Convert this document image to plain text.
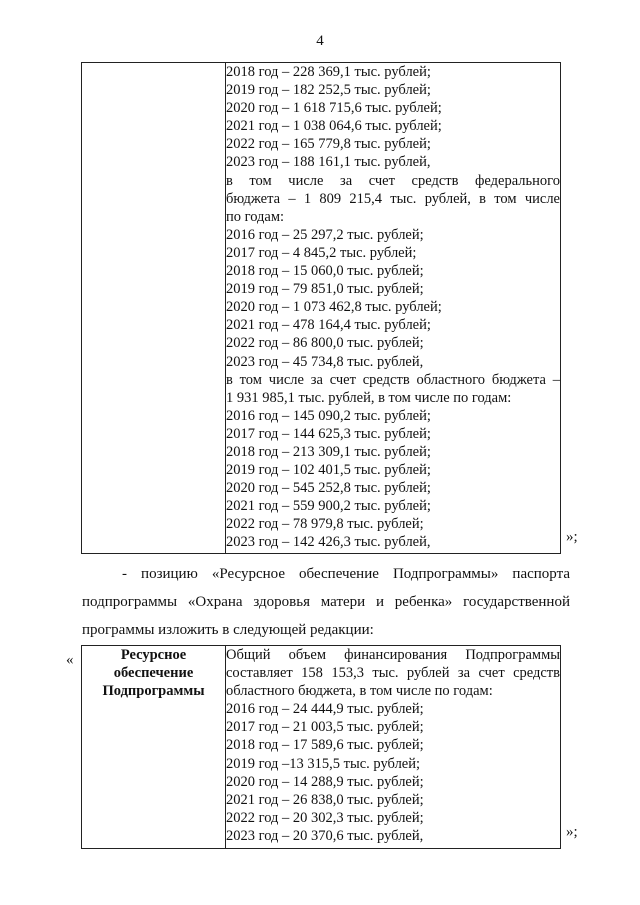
4

2018 год – 228 369,1 тыс. рублей;
2019 год – 182 252,5 тыс. рублей;
2020 год – 1 618 715,6 тыс. рублей;
2021 год – 1 038 064,6 тыс. рублей;
2022 год – 165 779,8 тыс. рублей;
2023 год – 188 161,1 тыс. рублей,
в том числе за счет средств федерального
бюджета – 1 809 215,4 тыс. рублей, в том числе
по годам:
2016 год – 25 297,2 тыс. рублей;
2017 год – 4 845,2 тыс. рублей;
2018 год – 15 060,0 тыс. рублей;
2019 год – 79 851,0 тыс. рублей;
2020 год – 1 073 462,8 тыс. рублей;
2021 год – 478 164,4 тыс. рублей;
2022 год – 86 800,0 тыс. рублей;
2023 год – 45 734,8 тыс. рублей,
в том числе за счет средств областного бюджета –
1 931 985,1 тыс. рублей, в том числе по годам:
2016 год – 145 090,2 тыс. рублей;
2017 год – 144 625,3 тыс. рублей;
2018 год – 213 309,1 тыс. рублей;
2019 год – 102 401,5 тыс. рублей;
2020 год – 545 252,8 тыс. рублей;
2021 год – 559 900,2 тыс. рублей;
2022 год – 78 979,8 тыс. рублей;
2023 год – 142 426,3 тыс. рублей,	»;
- позицию «Ресурсное обеспечение Подпрограммы» паспорта
подпрограммы «Охрана здоровья матери и ребенка» государственной
программы изложить в следующей редакции:
«	Ресурсное
обеспечение
Подпрограммы

Общий объем финансирования Подпрограммы
составляет 158 153,3 тыс. рублей за счет средств
областного бюджета, в том числе по годам:
2016 год – 24 444,9 тыс. рублей;
2017 год – 21 003,5 тыс. рублей;
2018 год – 17 589,6 тыс. рублей;
2019 год –13 315,5 тыс. рублей;
2020 год – 14 288,9 тыс. рублей;
2021 год – 26 838,0 тыс. рублей;
2022 год – 20 302,3 тыс. рублей;
2023 год – 20 370,6 тыс. рублей,	»;
